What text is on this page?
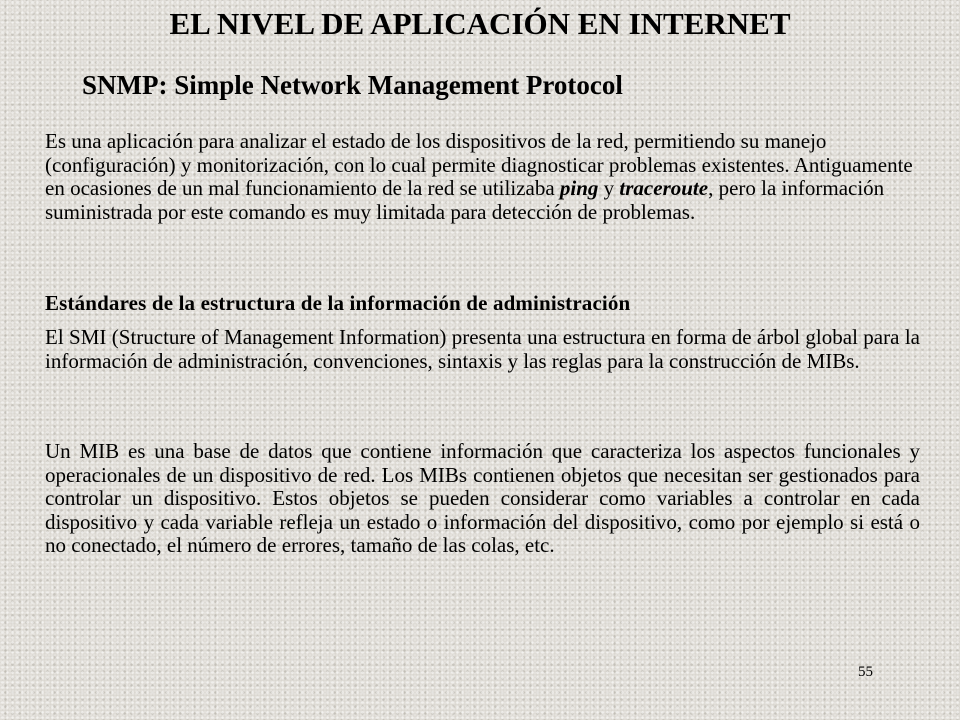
EL NIVEL DE APLICACIÓN EN INTERNET
SNMP: Simple Network Management Protocol

Es una aplicación para analizar el estado de los dispositivos de la red, permitiendo su manejo (configuración) y monitorización, con lo cual permite diagnosticar problemas existentes. Antiguamente en ocasiones de un mal funcionamiento de la red se utilizaba ping y traceroute, pero la información suministrada por este comando es muy limitada para detección de problemas.

Estándares de la estructura de la información de administración

El SMI (Structure of Management Information) presenta una estructura en forma de árbol global para la información de administración, convenciones, sintaxis y las reglas para la construcción de MIBs.

Un MIB es una base de datos que contiene información que caracteriza los aspectos funcionales y operacionales de un dispositivo de red. Los MIBs contienen objetos que necesitan ser gestionados para controlar un dispositivo. Estos objetos se pueden considerar como variables a controlar en cada dispositivo y cada variable refleja un estado o información del dispositivo, como por ejemplo si está o no conectado, el número de errores, tamaño de las colas, etc.

55
